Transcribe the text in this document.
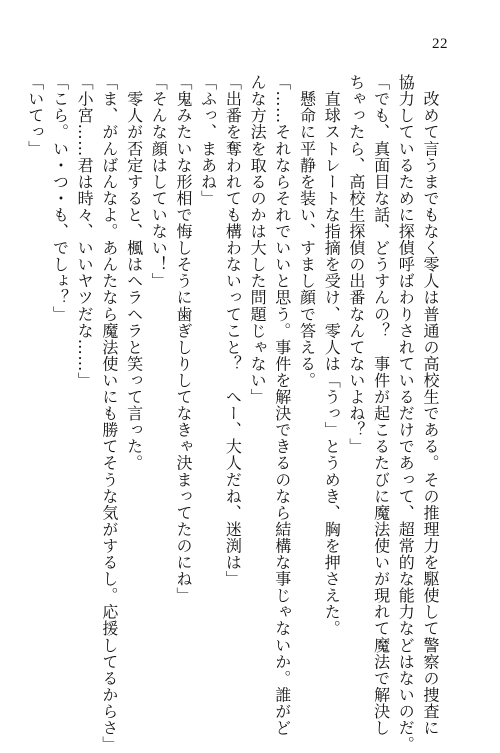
22
　改めて言うまでもなく零人は普通の高校生である。その推理力を駆使して警察の捜査に
協力しているために探偵呼ばわりされているだけであって、超常的な能力などはないのだ。
「でも、真面目な話、どうすんの？　事件が起こるたびに魔法使いが現れて魔法で解決し
ちゃったら、高校生探偵の出番なんてないよね？」
　直球ストレートな指摘を受け、零人は「うっ」とうめき、胸を押さえた。
　懸命に平静を装い、すまし顔で答える。
「……それならそれでいいと思う。事件を解決できるのなら結構な事じゃないか。誰がど
んな方法を取るのかは大した問題じゃない」
「出番を奪われても構わないってこと？　へー、大人だね、迷渕は」
「ふっ、まあね」
「鬼みたいな形相で悔しそうに歯ぎしりしてなきゃ決まってたのにね」
「そんな顔はしていない！」
　零人が否定すると、楓はヘラヘラと笑って言った。
「ま、がんばんなよ。あんたなら魔法使いにも勝てそうな気がするし。応援してるからさ」
「小宮……君は時々、いいヤツだな……」
「こら。い・つ・も、でしょ？」
「いてっ」
